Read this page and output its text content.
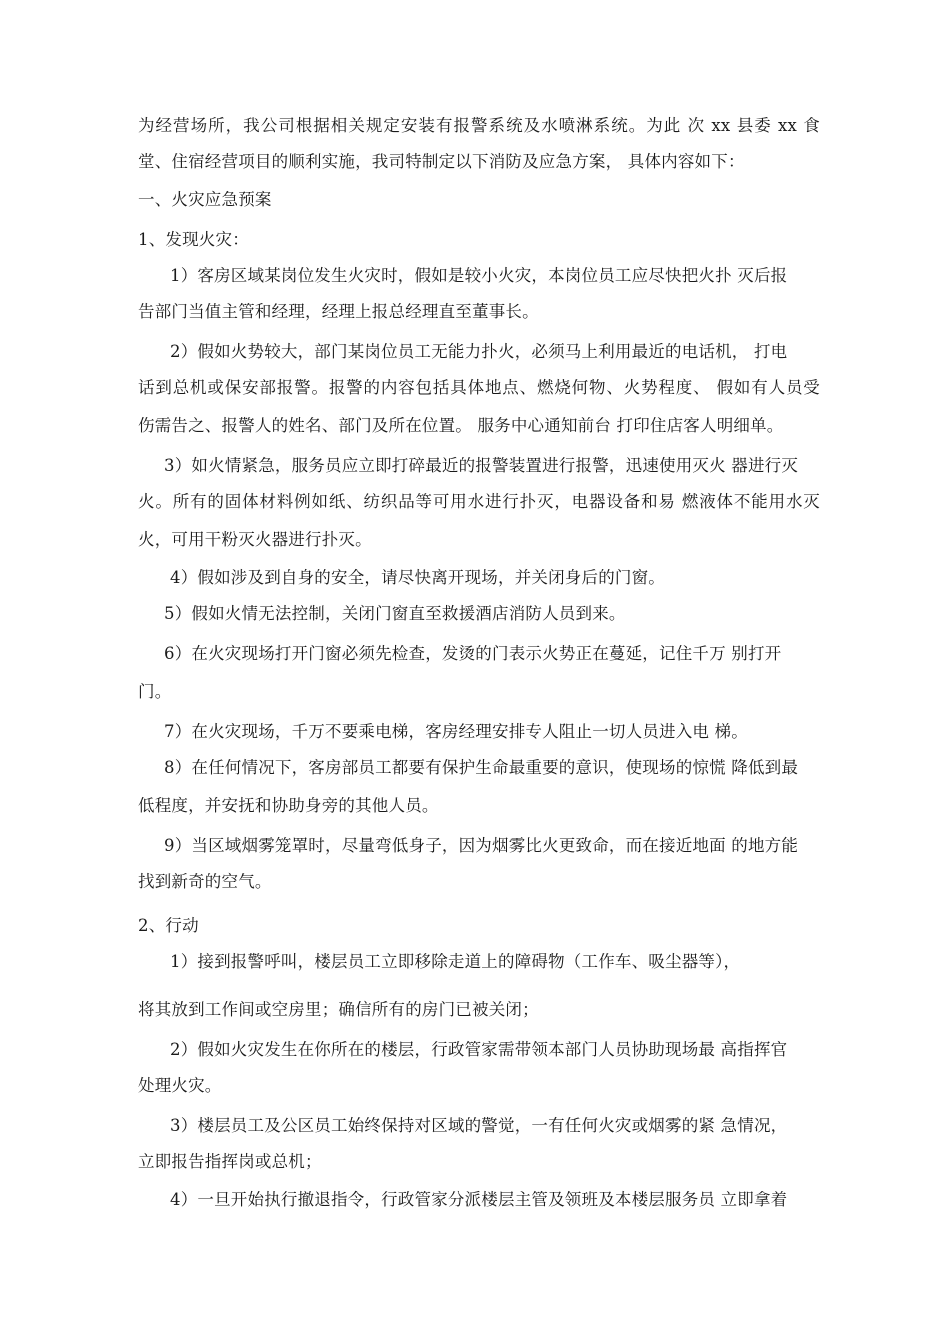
为经营场所，我公司根据相关规定安装有报警系统及水喷淋系统。为此 次 xx 县委 xx 食
堂、住宿经营项目的顺利实施，我司特制定以下消防及应急方案， 具体内容如下：
一、火灾应急预案
1、发现火灾：
1）客房区域某岗位发生火灾时，假如是较小火灾，本岗位员工应尽快把火扑 灭后报
告部门当值主管和经理，经理上报总经理直至董事长。
2）假如火势较大，部门某岗位员工无能力扑火，必须马上利用最近的电话机， 打电
话到总机或保安部报警。报警的内容包括具体地点、燃烧何物、火势程度、 假如有人员受
伤需告之、报警人的姓名、部门及所在位置。 服务中心通知前台 打印住店客人明细单。
3）如火情紧急，服务员应立即打碎最近的报警装置进行报警，迅速使用灭火 器进行灭
火。所有的固体材料例如纸、纺织品等可用水进行扑灭，电器设备和易 燃液体不能用水灭
火，可用干粉灭火器进行扑灭。
4）假如涉及到自身的安全，请尽快离开现场，并关闭身后的门窗。
5）假如火情无法控制，关闭门窗直至救援酒店消防人员到来。
6）在火灾现场打开门窗必须先检查，发烫的门表示火势正在蔓延，记住千万 别打开
门。
7）在火灾现场，千万不要乘电梯，客房经理安排专人阻止一切人员进入电 梯。
8）在任何情况下，客房部员工都要有保护生命最重要的意识，使现场的惊慌 降低到最
低程度，并安抚和协助身旁的其他人员。
9）当区域烟雾笼罩时，尽量弯低身子，因为烟雾比火更致命，而在接近地面 的地方能
找到新奇的空气。
2、行动
1）接到报警呼叫，楼层员工立即移除走道上的障碍物（工作车、吸尘器等），
将其放到工作间或空房里；确信所有的房门已被关闭；
2）假如火灾发生在你所在的楼层，行政管家需带领本部门人员协助现场最 高指挥官
处理火灾。
3）楼层员工及公区员工始终保持对区域的警觉，一有任何火灾或烟雾的紧 急情况，
立即报告指挥岗或总机；
4）一旦开始执行撤退指令，行政管家分派楼层主管及领班及本楼层服务员 立即拿着
